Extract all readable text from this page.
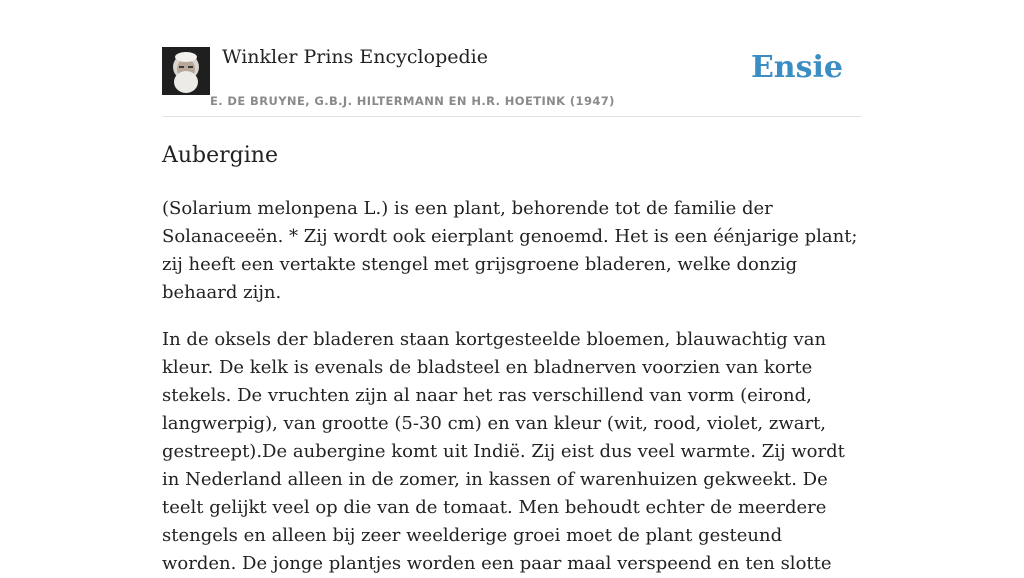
Winkler Prins Encyclopedie
E. DE BRUYNE, G.B.J. HILTERMANN EN H.R. HOETINK (1947)
Ensie
Aubergine

(Solarium melonpena L.) is een plant, behorende tot de familie der Solanaceeën. * Zij wordt ook eierplant genoemd. Het is een éénjarige plant; zij heeft een vertakte stengel met grijsgroene bladeren, welke donzig behaard zijn.

In de oksels der bladeren staan kortgesteelde bloemen, blauwachtig van kleur. De kelk is evenals de bladsteel en bladnerven voorzien van korte stekels. De vruchten zijn al naar het ras verschillend van vorm (eirond, langwerpig), van grootte (5-30 cm) en van kleur (wit, rood, violet, zwart, gestreept).De aubergine komt uit Indië. Zij eist dus veel warmte. Zij wordt in Nederland alleen in de zomer, in kassen of warenhuizen gekweekt. De teelt gelijkt veel op die van de tomaat. Men behoudt echter de meerdere stengels en alleen bij zeer weelderige groei moet de plant gesteund worden. De jonge plantjes worden een paar maal verspeend en ten slotte
